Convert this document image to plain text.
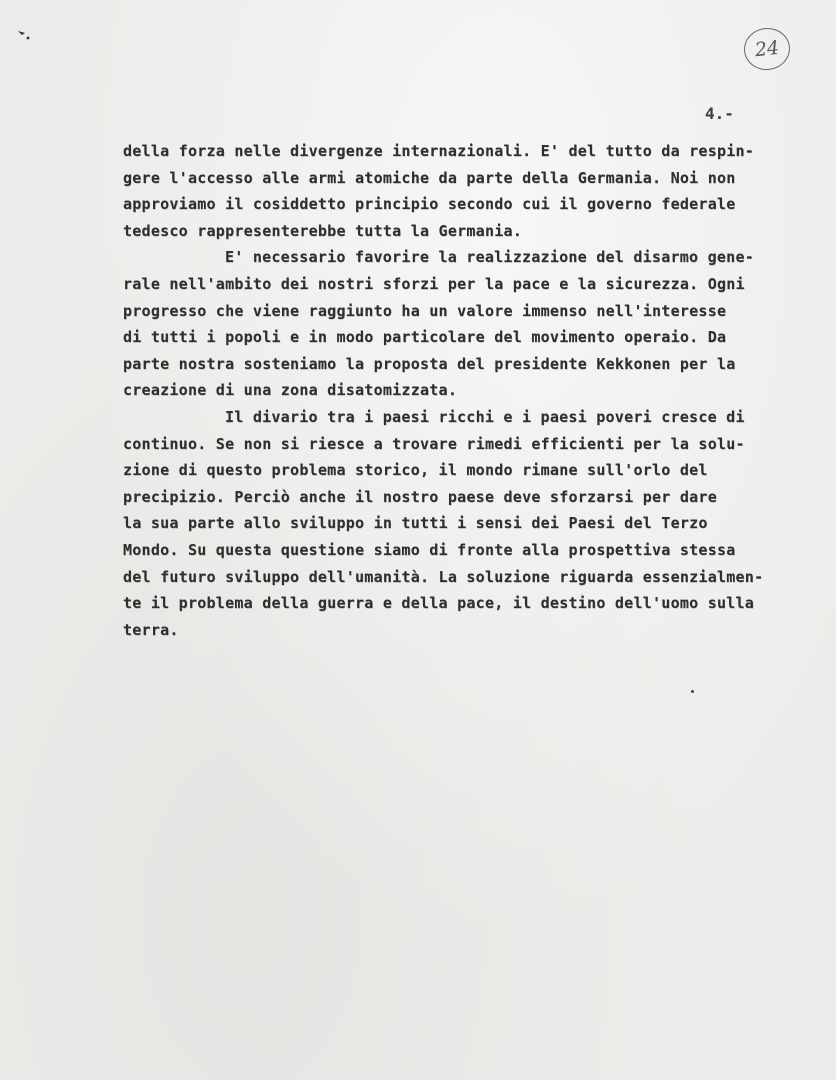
24
4.-
della forza nelle divergenze internazionali. E' del tutto da respin-
gere l'accesso alle armi atomiche da parte della Germania. Noi non
approviamo il cosiddetto principio secondo cui il governo federale
tedesco rappresenterebbe tutta la Germania.
E' necessario favorire la realizzazione del disarmo gene-
rale nell'ambito dei nostri sforzi per la pace e la sicurezza. Ogni
progresso che viene raggiunto ha un valore immenso nell'interesse
di tutti i popoli e in modo particolare del movimento operaio. Da
parte nostra sosteniamo la proposta del presidente Kekkonen per la
creazione di una zona disatomizzata.
Il divario tra i paesi ricchi e i paesi poveri cresce di
continuo. Se non si riesce a trovare rimedi efficienti per la solu-
zione di questo problema storico, il mondo rimane sull'orlo del
precipizio. Perciò anche il nostro paese deve sforzarsi per dare
la sua parte allo sviluppo in tutti i sensi dei Paesi del Terzo
Mondo. Su questa questione siamo di fronte alla prospettiva stessa
del futuro sviluppo dell'umanità. La soluzione riguarda essenzialmen-
te il problema della guerra e della pace, il destino dell'uomo sulla
terra.
